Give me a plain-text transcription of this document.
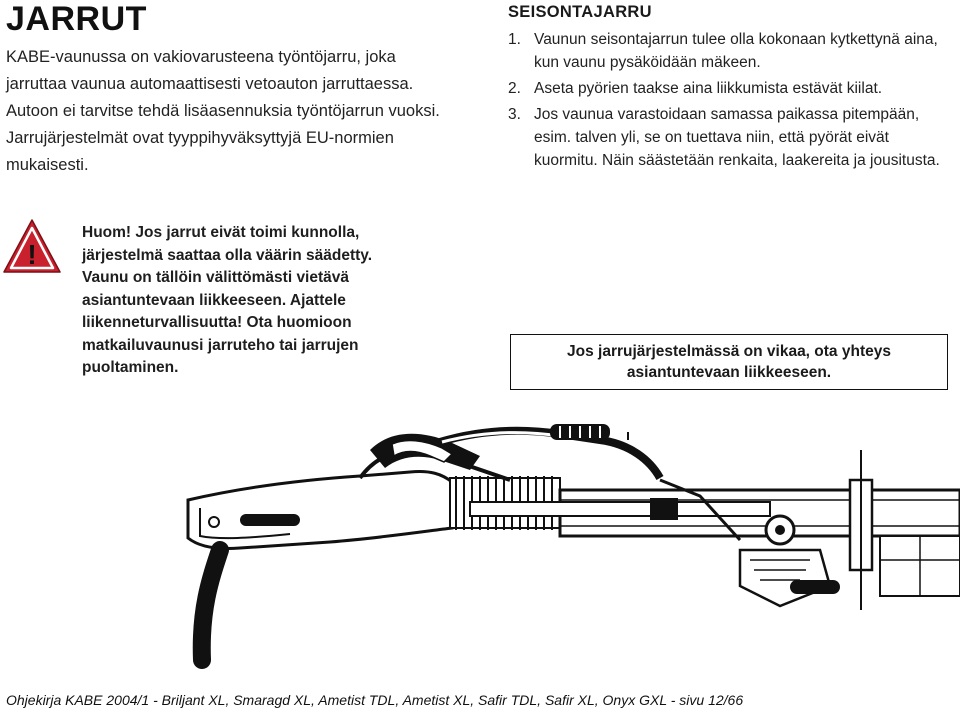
JARRUT

KABE-vaunussa on vakiovarusteena työntöjarru, joka jarruttaa vaunua automaattisesti vetoauton jarruttaessa.

Autoon ei tarvitse tehdä lisäasennuksia työntöjarrun vuoksi.

Jarrujärjestelmät ovat tyyppihyväksyttyjä EU-normien mukaisesti.

SEISONTAJARRU
1. Vaunun seisontajarrun tulee olla kokonaan kytkettynä aina, kun vaunu pysäköidään mäkeen.
2. Aseta pyörien taakse aina liikkumista estävät kiilat.
3. Jos vaunua varastoidaan samassa paikassa pitempään, esim. talven yli, se on tuettava niin, että pyörät eivät kuormitu. Näin säästetään renkaita, laakereita ja jousitusta.
!
Huom! Jos jarrut eivät toimi kunnolla, järjestelmä saattaa olla väärin säädetty. Vaunu on tällöin välittömästi vietävä asiantuntevaan liikkeeseen. Ajattele liikenneturvallisuutta! Ota huomioon matkailuvaunusi jarruteho tai jarrujen puoltaminen.
Jos jarrujärjestelmässä on vikaa, ota yhteys asiantuntevaan liikkeeseen.
Ohjekirja KABE 2004/1 - Briljant XL, Smaragd XL, Ametist TDL, Ametist XL, Safir TDL, Safir XL, Onyx GXL - sivu 12/66
